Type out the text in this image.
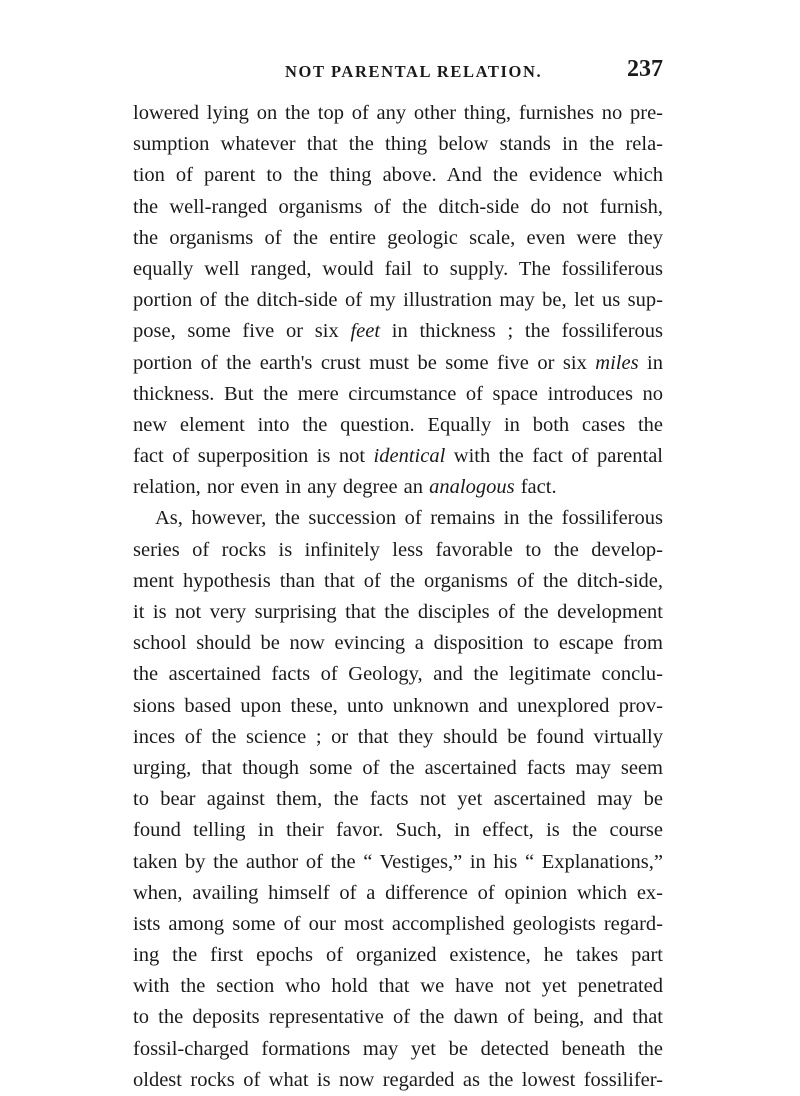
NOT PARENTAL RELATION.	237
lowered lying on the top of any other thing, furnishes no pre-
sumption whatever that the thing below stands in the rela-
tion of parent to the thing above. And the evidence which
the well-ranged organisms of the ditch-side do not furnish,
the organisms of the entire geologic scale, even were they
equally well ranged, would fail to supply. The fossiliferous
portion of the ditch-side of my illustration may be, let us sup-
pose, some five or six feet in thickness ; the fossiliferous
portion of the earth's crust must be some five or six miles in
thickness. But the mere circumstance of space introduces no
new element into the question. Equally in both cases the
fact of superposition is not identical with the fact of parental
relation, nor even in any degree an analogous fact.
As, however, the succession of remains in the fossiliferous
series of rocks is infinitely less favorable to the develop-
ment hypothesis than that of the organisms of the ditch-side,
it is not very surprising that the disciples of the development
school should be now evincing a disposition to escape from
the ascertained facts of Geology, and the legitimate conclu-
sions based upon these, unto unknown and unexplored prov-
inces of the science ; or that they should be found virtually
urging, that though some of the ascertained facts may seem
to bear against them, the facts not yet ascertained may be
found telling in their favor. Such, in effect, is the course
taken by the author of the “ Vestiges,” in his “ Explanations,”
when, availing himself of a difference of opinion which ex-
ists among some of our most accomplished geologists regard-
ing the first epochs of organized existence, he takes part
with the section who hold that we have not yet penetrated
to the deposits representative of the dawn of being, and that
fossil-charged formations may yet be detected beneath the
oldest rocks of what is now regarded as the lowest fossilifer-
